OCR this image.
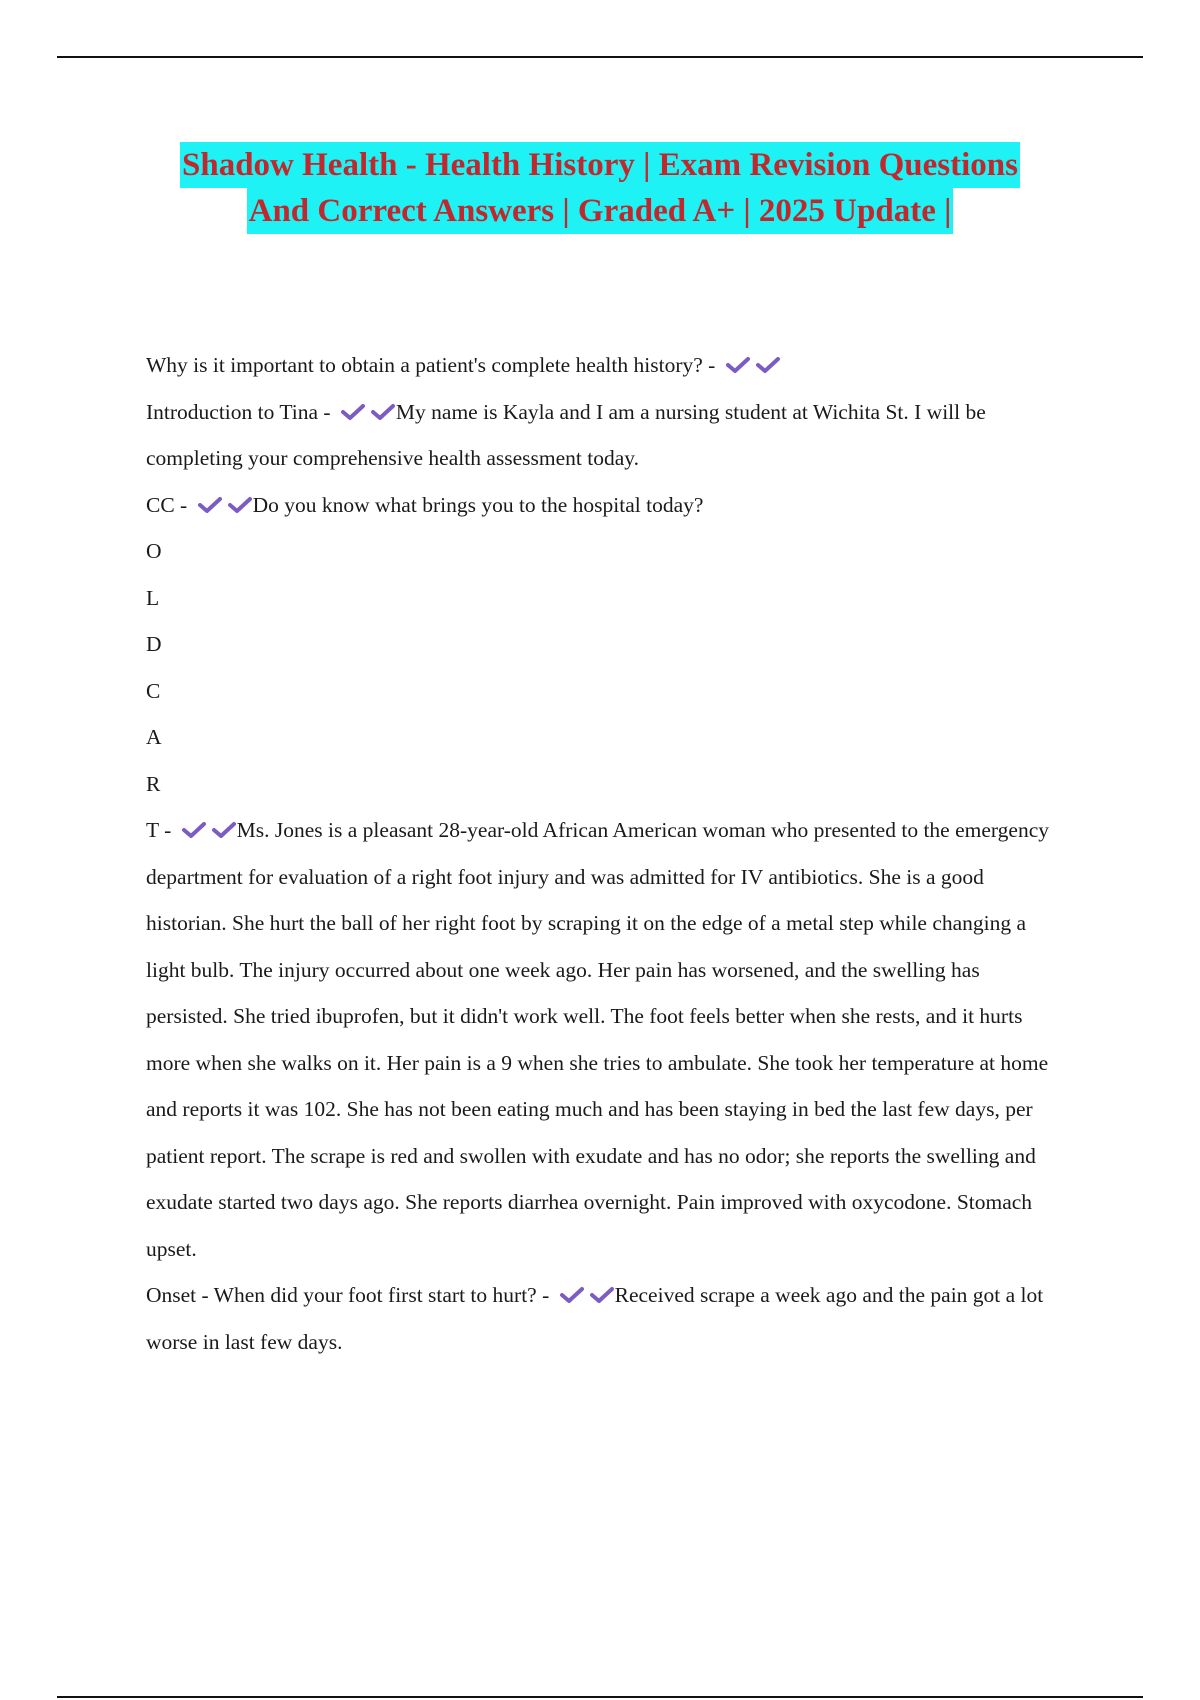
Shadow Health - Health History | Exam Revision Questions
And Correct Answers | Graded A+ | 2025 Update |
Why is it important to obtain a patient's complete health history? -
Introduction to Tina -	My name is Kayla and I am a nursing student at Wichita St. I will be completing your comprehensive health assessment today.
CC -	Do you know what brings you to the hospital today?
O
L
D
C
A
R
T -	Ms. Jones is a pleasant 28-year-old African American woman who presented to the emergency department for evaluation of a right foot injury and was admitted for IV antibiotics. She is a good historian. She hurt the ball of her right foot by scraping it on the edge of a metal step while changing a light bulb. The injury occurred about one week ago. Her pain has worsened, and the swelling has persisted. She tried ibuprofen, but it didn't work well. The foot feels better when she rests, and it hurts more when she walks on it. Her pain is a 9 when she tries to ambulate. She took her temperature at home and reports it was 102. She has not been eating much and has been staying in bed the last few days, per patient report. The scrape is red and swollen with exudate and has no odor; she reports the swelling and exudate started two days ago. She reports diarrhea overnight. Pain improved with oxycodone. Stomach upset.
Onset - When did your foot first start to hurt? -	Received scrape a week ago and the pain got a lot worse in last few days.
